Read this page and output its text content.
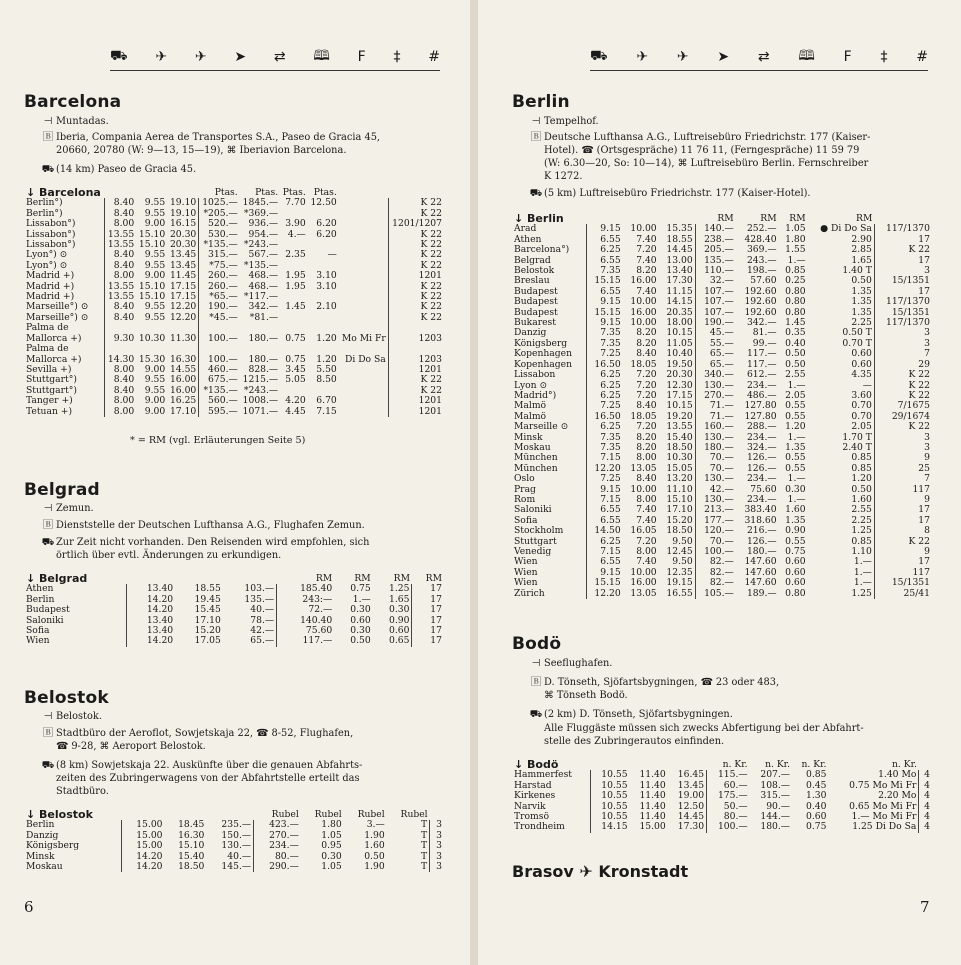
⛟ ✈ ✈ ➤ ⇄ 🕮 F ‡ #
Barcelona
⊣ Muntadas.
🄱 Iberia, Compania Aerea de Transportes S.A., Paseo de Gracia 45,
20660, 20780 (W: 9—13, 15—19), ⌘ Iberiavion Barcelona.
⛟ (14 km) Paseo de Gracia 45.
↓ Barcelona	Ptas.				Ptas.	Ptas.	Ptas.		
Berlin°)	8.40	9.55	19.10	1025.—	1845.—	7.70	12.50		K 22
Berlin°)	8.40	9.55	19.10	*205.—	*369.—				K 22
Lissabon°)	8.00	9.00	16.15	520.—	936.—	3.90	6.20		1201/1207
Lissabon°)	13.55	15.10	20.30	530.—	954.—	4.—	6.20		K 22
Lissabon°)	13.55	15.10	20.30	*135.—	*243.—				K 22
Lyon°) ⊙	8.40	9.55	13.45	315.—	567.—	2.35	—		K 22
Lyon°) ⊙	8.40	9.55	13.45	*75.—	*135.—				K 22
Madrid +)	8.00	9.00	11.45	260.—	468.—	1.95	3.10		1201
Madrid +)	13.55	15.10	17.15	260.—	468.—	1.95	3.10		K 22
Madrid +)	13.55	15.10	17.15	*65.—	*117.—				K 22
Marseille°) ⊙	8.40	9.55	12.20	190.—	342.—	1.45	2.10		K 22
Marseille°) ⊙	8.40	9.55	12.20	*45.—	*81.—				K 22
Palma de									
Mallorca +)	9.30	10.30	11.30	100.—	180.—	0.75	1.20	Mo Mi Fr	1203
Palma de									
Mallorca +)	14.30	15.30	16.30	100.—	180.—	0.75	1.20	Di Do Sa	1203
Sevilla +)	8.00	9.00	14.55	460.—	828.—	3.45	5.50		1201
Stuttgart°)	8.40	9.55	16.00	675.—	1215.—	5.05	8.50		K 22
Stuttgart°)	8.40	9.55	16.00	*135.—	*243.—				K 22
Tanger +)	8.00	9.00	16.25	560.—	1008.—	4.20	6.70		1201
Tetuan +)	8.00	9.00	17.10	595.—	1071.—	4.45	7.15		1201
* = RM (vgl. Erläuterungen Seite 5)
Belgrad
⊣ Zemun.
🄱 Dienststelle der Deutschen Lufthansa A.G., Flughafen Zemun.
⛟ Zur Zeit nicht vorhanden. Den Reisenden wird empfohlen, sich
örtlich über evtl. Änderungen zu erkundigen.
↓ Belgrad	RM				RM	RM	RM
Athen	13.40	18.55	103.—	185.40	0.75	1.25	17
Berlin	14.20	19.45	135.—	243:—	1.—	1.65	17
Budapest	14.20	15.45	40.—	72.—	0.30	0.30	17
Saloniki	13.40	17.10	78.—	140.40	0.60	0.90	17
Sofia	13.40	15.20	42.—	75.60	0.30	0.60	17
Wien	14.20	17.05	65.—	117.—	0.50	0.65	17
Belostok
⊣ Belostok.
🄱 Stadtbüro der Aeroflot, Sowjetskaja 22, ☎ 8-52, Flughafen,
☎ 9-28, ⌘ Aeroport Belostok.
⛟ (8 km) Sowjetskaja 22. Auskünfte über die genauen Abfahrts-
zeiten des Zubringerwagens von der Abfahrtstelle erteilt das
Stadtbüro.
↓ Belostok	Rubel				Rubel	Rubel	Rubel	
Berlin	15.00	18.45	235.—	423.—	1.80	3.—	T	3
Danzig	15.00	16.30	150.—	270.—	1.05	1.90	T	3
Königsberg	15.00	15.10	130.—	234.—	0.95	1.60	T	3
Minsk	14.20	15.40	40.—	80.—	0.30	0.50	T	3
Moskau	14.20	18.50	145.—	290.—	1.05	1.90	T	3
6
⛟ ✈ ✈ ➤ ⇄ 🕮 F ‡ #
Berlin
⊣ Tempelhof.
🄱 Deutsche Lufthansa A.G., Luftreisebüro Friedrichstr. 177 (Kaiser-
Hotel). ☎ (Ortsgespräche) 11 76 11, (Ferngespräche) 11 59 79
(W: 6.30—20, So: 10—14), ⌘ Luftreisebüro Berlin. Fernschreiber
K 1272.
⛟ (5 km) Luftreisebüro Friedrichstr. 177 (Kaiser-Hotel).
↓ Berlin	RM				RM	RM	RM	
Arad	9.15	10.00	15.35	140.—	252.—	1.05	● Di Do Sa	117/1370
Athen	6.55	7.40	18.55	238.—	428.40	1.80	2.90	17
Barcelona°)	6.25	7.20	14.45	205.—	369.—	1.55	2.85	K 22
Belgrad	6.55	7.40	13.00	135.—	243.—	1.—	1.65	17
Belostok	7.35	8.20	13.40	110.—	198.—	0.85	1.40 T	3
Breslau	15.15	16.00	17.30	32.—	57.60	0.25	0.50	15/1351
Budapest	6.55	7.40	11.15	107.—	192.60	0.80	1.35	17
Budapest	9.15	10.00	14.15	107.—	192.60	0.80	1.35	117/1370
Budapest	15.15	16.00	20.35	107.—	192.60	0.80	1.35	15/1351
Bukarest	9.15	10.00	18.00	190.—	342.—	1.45	2.25	117/1370
Danzig	7.35	8.20	10.15	45.—	81.—	0.35	0.50 T	3
Königsberg	7.35	8.20	11.05	55.—	99.—	0.40	0.70 T	3
Kopenhagen	7.25	8.40	10.40	65.—	117.—	0.50	0.60	7
Kopenhagen	16.50	18.05	19.50	65.—	117.—	0.50	0.60	29
Lissabon	6.25	7.20	20.30	340.—	612.—	2.55	4.35	K 22
Lyon ⊙	6.25	7.20	12.30	130.—	234.—	1.—	—	K 22
Madrid°)	6.25	7.20	17.15	270.—	486.—	2.05	3.60	K 22
Malmö	7.25	8.40	10.15	71.—	127.80	0.55	0.70	7/1675
Malmö	16.50	18.05	19.20	71.—	127.80	0.55	0.70	29/1674
Marseille ⊙	6.25	7.20	13.55	160.—	288.—	1.20	2.05	K 22
Minsk	7.35	8.20	15.40	130.—	234.—	1.—	1.70 T	3
Moskau	7.35	8.20	18.50	180.—	324.—	1.35	2.40 T	3
München	7.15	8.00	10.30	70.—	126.—	0.55	0.85	9
München	12.20	13.05	15.05	70.—	126.—	0.55	0.85	25
Oslo	7.25	8.40	13.20	130.—	234.—	1.—	1.20	7
Prag	9.15	10.00	11.10	42.—	75.60	0.30	0.50	117
Rom	7.15	8.00	15.10	130.—	234.—	1.—	1.60	9
Saloniki	6.55	7.40	17.10	213.—	383.40	1.60	2.55	17
Sofia	6.55	7.40	15.20	177.—	318.60	1.35	2.25	17
Stockholm	14.50	16.05	18.50	120.—	216.—	0.90	1.25	8
Stuttgart	6.25	7.20	9.50	70.—	126.—	0.55	0.85	K 22
Venedig	7.15	8.00	12.45	100.—	180.—	0.75	1.10	9
Wien	6.55	7.40	9.50	82.—	147.60	0.60	1.—	17
Wien	9.15	10.00	12.35	82.—	147.60	0.60	1.—	117
Wien	15.15	16.00	19.15	82.—	147.60	0.60	1.—	15/1351
Zürich	12.20	13.05	16.55	105.—	189.—	0.80	1.25	25/41
Bodö
⊣ Seeflughafen.
🄱 D. Tönseth, Sjöfartsbygningen, ☎ 23 oder 483,
⌘ Tönseth Bodö.
⛟ (2 km) D. Tönseth, Sjöfartsbygningen.
Alle Fluggäste müssen sich zwecks Abfertigung bei der Abfahrt-
stelle des Zubringerautos einfinden.
↓ Bodö	n. Kr.				n. Kr.	n. Kr.	n. Kr.	
Hammerfest	10.55	11.40	16.45	115.—	207.—	0.85	1.40 Mo	4
Harstad	10.55	11.40	13.45	60.—	108.—	0.45	0.75 Mo Mi Fr	4
Kirkenes	10.55	11.40	19.00	175.—	315.—	1.30	2.20 Mo	4
Narvik	10.55	11.40	12.50	50.—	90.—	0.40	0.65 Mo Mi Fr	4
Tromsö	10.55	11.40	14.45	80.—	144.—	0.60	1.— Mo Mi Fr	4
Trondheim	14.15	15.00	17.30	100.—	180.—	0.75	1.25 Di Do Sa	4
Brasov ✈ Kronstadt
7
